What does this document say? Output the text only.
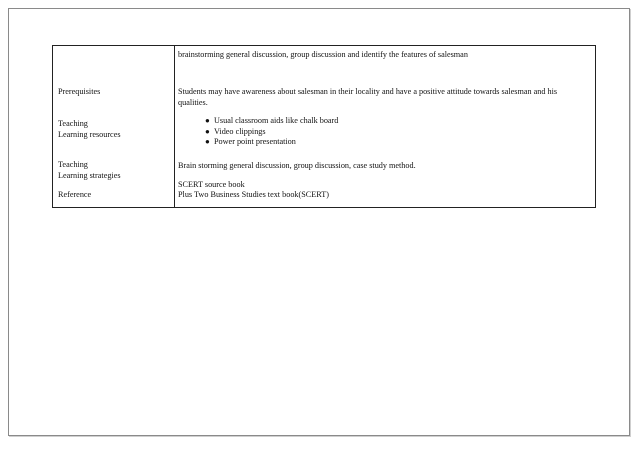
brainstorming general discussion, group discussion and identify the features of salesman
Prerequisites	Students may have awareness about salesman in their locality and have a positive attitude towards salesman and his qualities.
Teaching
Learning resources
● Usual classroom aids like chalk board
● Video clippings
● Power point presentation
Teaching
Learning strategies
Brain storming general discussion, group discussion, case study method.
Reference
SCERT source book
Plus Two Business Studies text book(SCERT)
